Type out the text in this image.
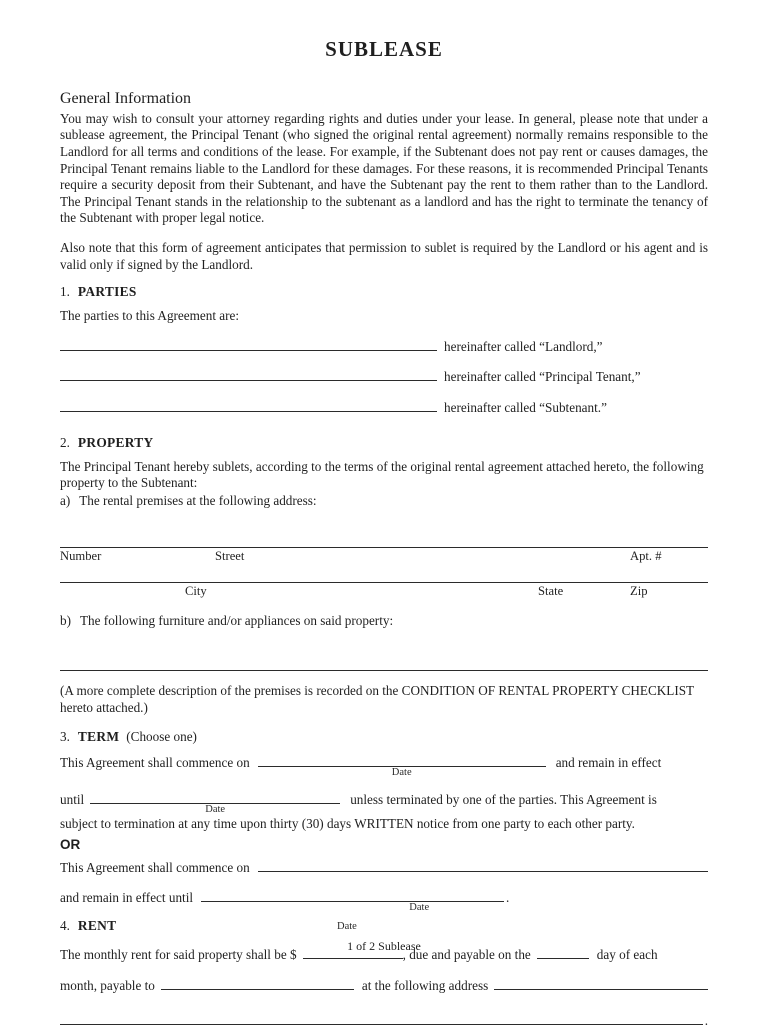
SUBLEASE
General Information

You may wish to consult your attorney regarding rights and duties under your lease. In general, please note that under a sublease agreement, the Principal Tenant (who signed the original rental agreement) normally remains responsible to the Landlord for all terms and conditions of the lease. For example, if the Subtenant does not pay rent or causes damages, the Principal Tenant remains liable to the Landlord for these damages. For these reasons, it is recommended Principal Tenants require a security deposit from their Subtenant, and have the Subtenant pay the rent to them rather than to the Landlord. The Principal Tenant stands in the relationship to the subtenant as a landlord and has the right to terminate the tenancy of the Subtenant with proper legal notice.

Also note that this form of agreement anticipates that permission to sublet is required by the Landlord or his agent and is valid only if signed by the Landlord.

1. PARTIES

The parties to this Agreement are:

hereinafter called “Landlord,”
hereinafter called “Principal Tenant,”
hereinafter called “Subtenant.”
2. PROPERTY

The Principal Tenant hereby sublets, according to the terms of the original rental agreement attached hereto, the following property to the Subtenant:

a) The rental premises at the following address:
Number	Street	Apt. #
City	State	Zip
b) The following furniture and/or appliances on said property:

(A more complete description of the premises is recorded on the CONDITION OF RENTAL PROPERTY CHECKLIST hereto attached.)

3. TERM (Choose one)
This Agreement shall commence on
Date
and remain in effect
until
Date
unless terminated by one of the parties. This Agreement is

subject to termination at any time upon thirty (30) days WRITTEN notice from one party to each other party.

OR
This Agreement shall commence on
and remain in effect until
Date
.
4. RENT	Date
The monthly rent for said property shall be $	, due and payable on the	day of each
month, payable to	at the following address
.
1 of 2 Sublease
